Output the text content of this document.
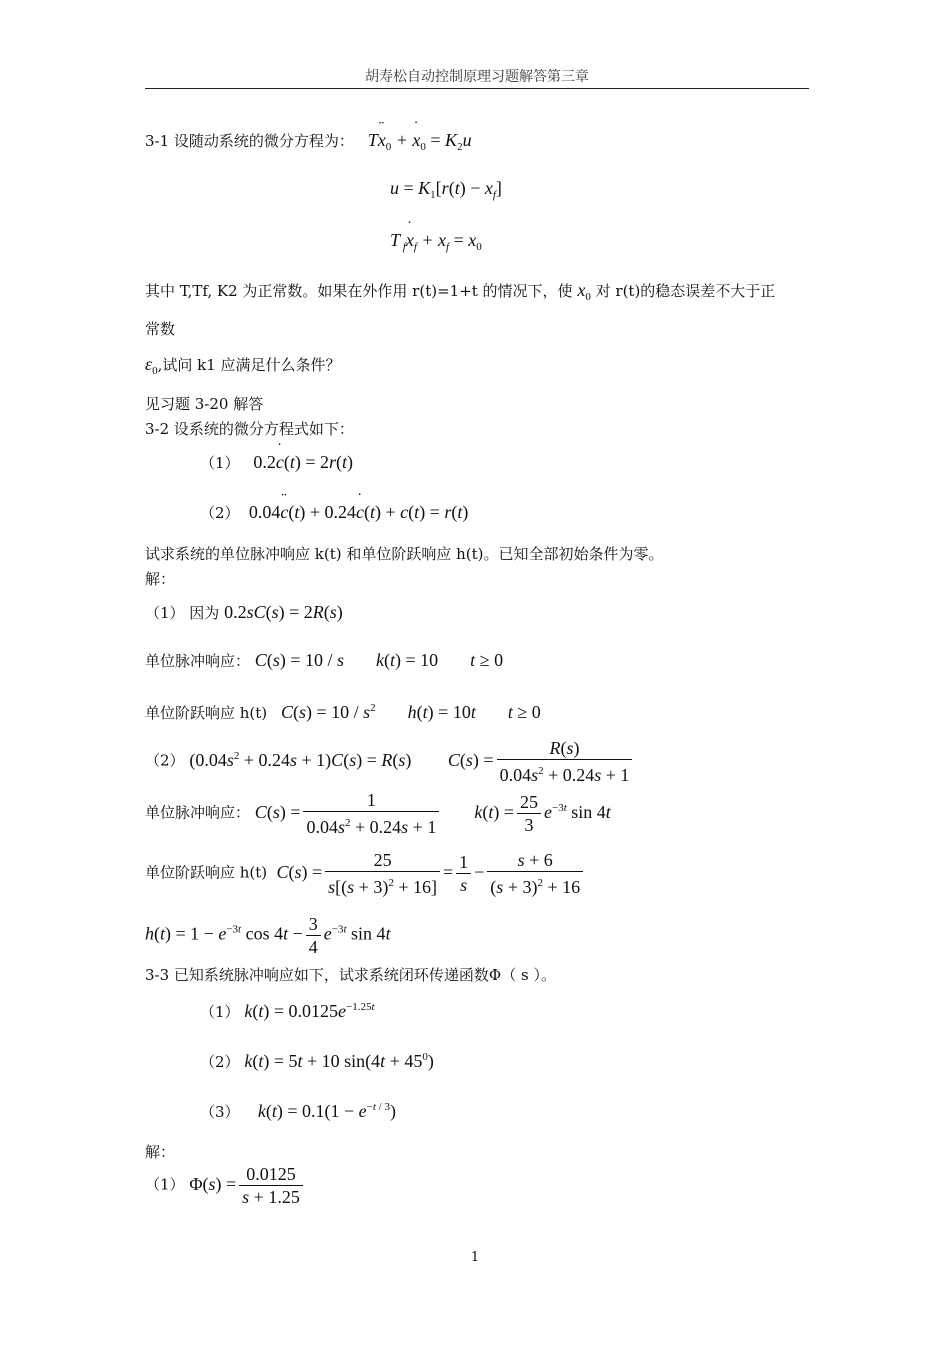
胡寿松自动控制原理习题解答第三章
3-1 设随动系统的微分方程为：   T¨ $x_0$ + ˙ $x_0 = K_2u$
$u = K_1[r(t) - x_f]$
T $_f$˙ $x_f + x_f = x_0$
其中 T,Tf, K2 为正常数。如果在外作用 r(t)=1+t 的情况下，使 $x_0$ 对 r(t)的稳态误差不大于正
常数
$\varepsilon_0$,试问 k1 应满足什么条件？
见习题 3-20 解答
3-2 设系统的微分方程式如下：
（1） 0.2˙ c(t) = 2r(t)
（2） 0.04¨ c(t) + 0.24˙ c(t) + c(t) = r(t)
试求系统的单位脉冲响应 k(t) 和单位阶跃响应 h(t)。已知全部初始条件为零。
解：
（1） 因为 0.2sC(s) = 2R(s)
单位脉冲响应： C(s) = 10 / s k(t) = 10 t ≥ 0
单位阶跃响应 h(t)   $C(s) = 10 / s^2$ h(t) = 10t t ≥ 0
（2） $(0.04s^2 + 0.24s + 1)C(s) = R(s) C(s) = \frac{R(s)}{0.04s^2 + 0.24s + 1}$
单位脉冲响应： $C(s) = \frac{1}{0.04s^2 + 0.24s + 1} k(t) = \frac{25}{3} e^{-3t}$ sin 4t
单位阶跃响应 h(t)  $C(s) = \frac{25}{s[(s + 3)^2 + 16]} = \frac{1}{s} - \frac{s + 6}{(s + 3)^2 + 16}$
$h(t) = 1 - e^{-3t}$ $\cos 4t - \frac{3}{4} e^{-3t}$ sin 4t
3-3 已知系统脉冲响应如下，试求系统闭环传递函数Φ（ s ）。
（1） $k(t) = 0.0125e^{-1.25t}$
（2） k(t) = 5t + 10 $\sin(4t + 45^0)$
（3）    $k(t) = 0.1(1 - e^{-t / 3})$
解：
（1） $\Phi(s) = \frac{0.0125}{s + 1.25}$
1
